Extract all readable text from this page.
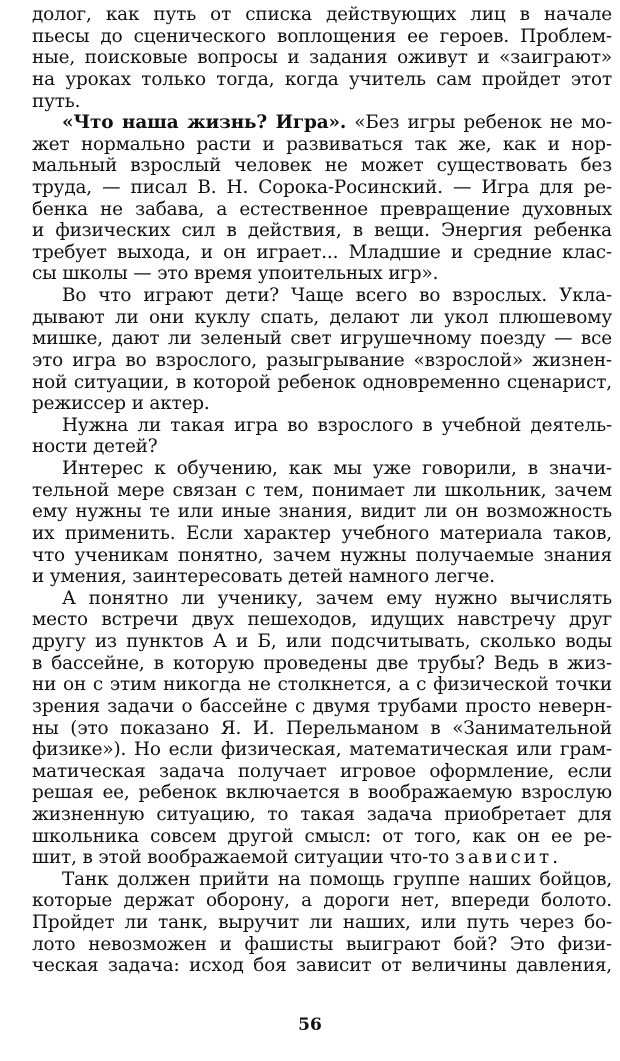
долог, как путь от списка действующих лиц в начале
пьесы до сценического воплощения ее героев. Проблем-
ные, поисковые вопросы и задания оживут и «заиграют»
на уроках только тогда, когда учитель сам пройдет этот
путь.
«Что наша жизнь? Игра». «Без игры ребенок не мо-
жет нормально расти и развиваться так же, как и нор-
мальный взрослый человек не может существовать без
труда, — писал В. Н. Сорока-Росинский. — Игра для ре-
бенка не забава, а естественное превращение духовных
и физических сил в действия, в вещи. Энергия ребенка
требует выхода, и он играет... Младшие и средние клас-
сы школы — это время упоительных игр».
Во что играют дети? Чаще всего во взрослых. Укла-
дывают ли они куклу спать, делают ли укол плюшевому
мишке, дают ли зеленый свет игрушечному поезду — все
это игра во взрослого, разыгрывание «взрослой» жизнен-
ной ситуации, в которой ребенок одновременно сценарист,
режиссер и актер.
Нужна ли такая игра во взрослого в учебной деятель-
ности детей?
Интерес к обучению, как мы уже говорили, в значи-
тельной мере связан с тем, понимает ли школьник, зачем
ему нужны те или иные знания, видит ли он возможность
их применить. Если характер учебного материала таков,
что ученикам понятно, зачем нужны получаемые знания
и умения, заинтересовать детей намного легче.
А понятно ли ученику, зачем ему нужно вычислять
место встречи двух пешеходов, идущих навстречу друг
другу из пунктов А и Б, или подсчитывать, сколько воды
в бассейне, в которую проведены две трубы? Ведь в жиз-
ни он с этим никогда не столкнется, а с физической точки
зрения задачи о бассейне с двумя трубами просто неверн-
ны (это показано Я. И. Перельманом в «Занимательной
физике»). Но если физическая, математическая или грам-
матическая задача получает игровое оформление, если
решая ее, ребенок включается в воображаемую взрослую
жизненную ситуацию, то такая задача приобретает для
школьника совсем другой смысл: от того, как он ее ре-
шит, в этой воображаемой ситуации что-то зависит.
Танк должен прийти на помощь группе наших бойцов,
которые держат оборону, а дороги нет, впереди болото.
Пройдет ли танк, выручит ли наших, или путь через бо-
лото невозможен и фашисты выиграют бой? Это физи-
ческая задача: исход боя зависит от величины давления,
56
